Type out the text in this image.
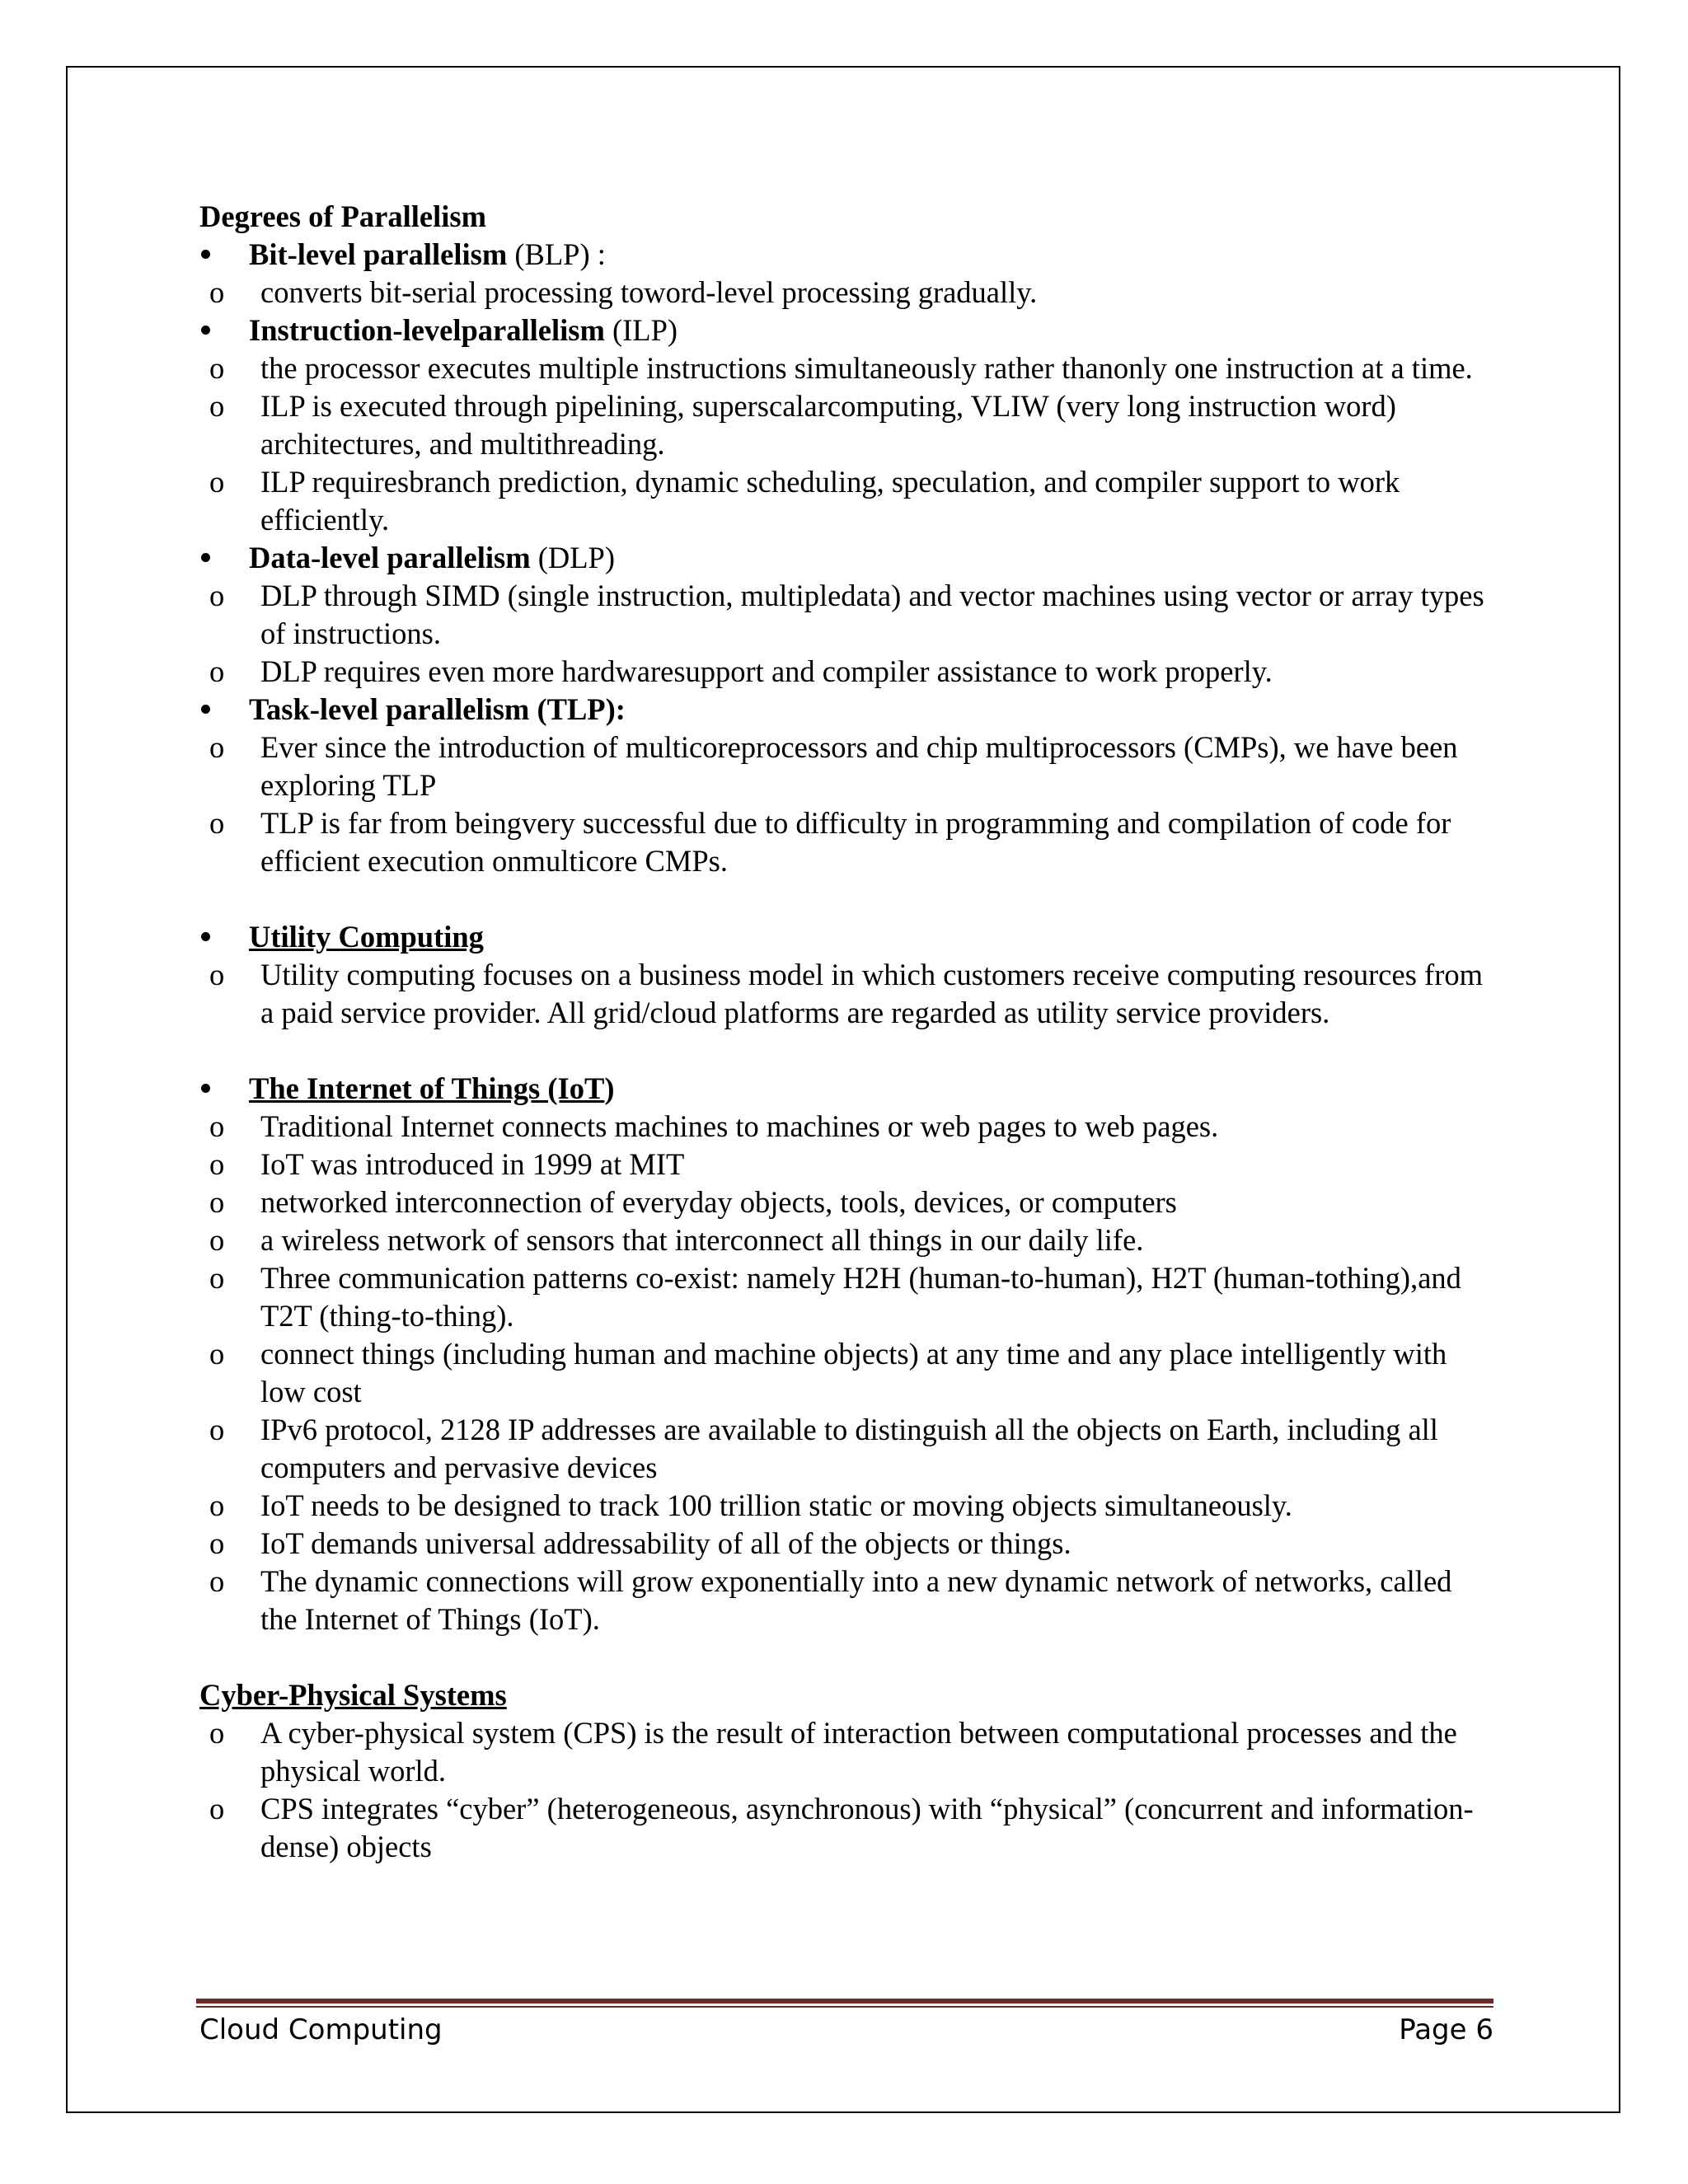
Degrees of Parallelism

Bit-level parallelism (BLP) :

o	converts bit-serial processing toword-level processing gradually.

Instruction-levelparallelism (ILP)

o	the processor executes multiple instructions simultaneously rather thanonly one instruction at a time.

o	ILP is executed through pipelining, superscalarcomputing, VLIW (very long instruction word) architectures, and multithreading.

o	ILP requiresbranch prediction, dynamic scheduling, speculation, and compiler support to work efficiently.

Data-level parallelism (DLP)

o	DLP through SIMD (single instruction, multipledata) and vector machines using vector or array types of instructions.

o	DLP requires even more hardwaresupport and compiler assistance to work properly.

Task-level parallelism (TLP):

o	Ever since the introduction of multicoreprocessors and chip multiprocessors (CMPs), we have been exploring TLP

o	TLP is far from beingvery successful due to difficulty in programming and compilation of code for efficient execution onmulticore CMPs.

Utility Computing

o	Utility computing focuses on a business model in which customers receive computing resources from a paid service provider. All grid/cloud platforms are regarded as utility service providers.

The Internet of Things (IoT)

o	Traditional Internet connects machines to machines or web pages to web pages.

o	IoT was introduced in 1999 at MIT

o	networked interconnection of everyday objects, tools, devices, or computers

o	a wireless network of sensors that interconnect all things in our daily life.

o	Three communication patterns co-exist: namely H2H (human-to-human), H2T (human-tothing),and T2T (thing-to-thing).

o	connect things (including human and machine objects) at any time and any place intelligently with low cost

o	IPv6 protocol, 2128 IP addresses are available to distinguish all the objects on Earth, including all computers and pervasive devices

o	IoT needs to be designed to track 100 trillion static or moving objects simultaneously.

o	IoT demands universal addressability of all of the objects or things.

o	The dynamic connections will grow exponentially into a new dynamic network of networks, called the Internet of Things (IoT).

Cyber-Physical Systems

o	A cyber-physical system (CPS) is the result of interaction between computational processes and the physical world.

o	CPS integrates “cyber” (heterogeneous, asynchronous) with “physical” (concurrent and information-dense) objects

Cloud Computing	Page 6
